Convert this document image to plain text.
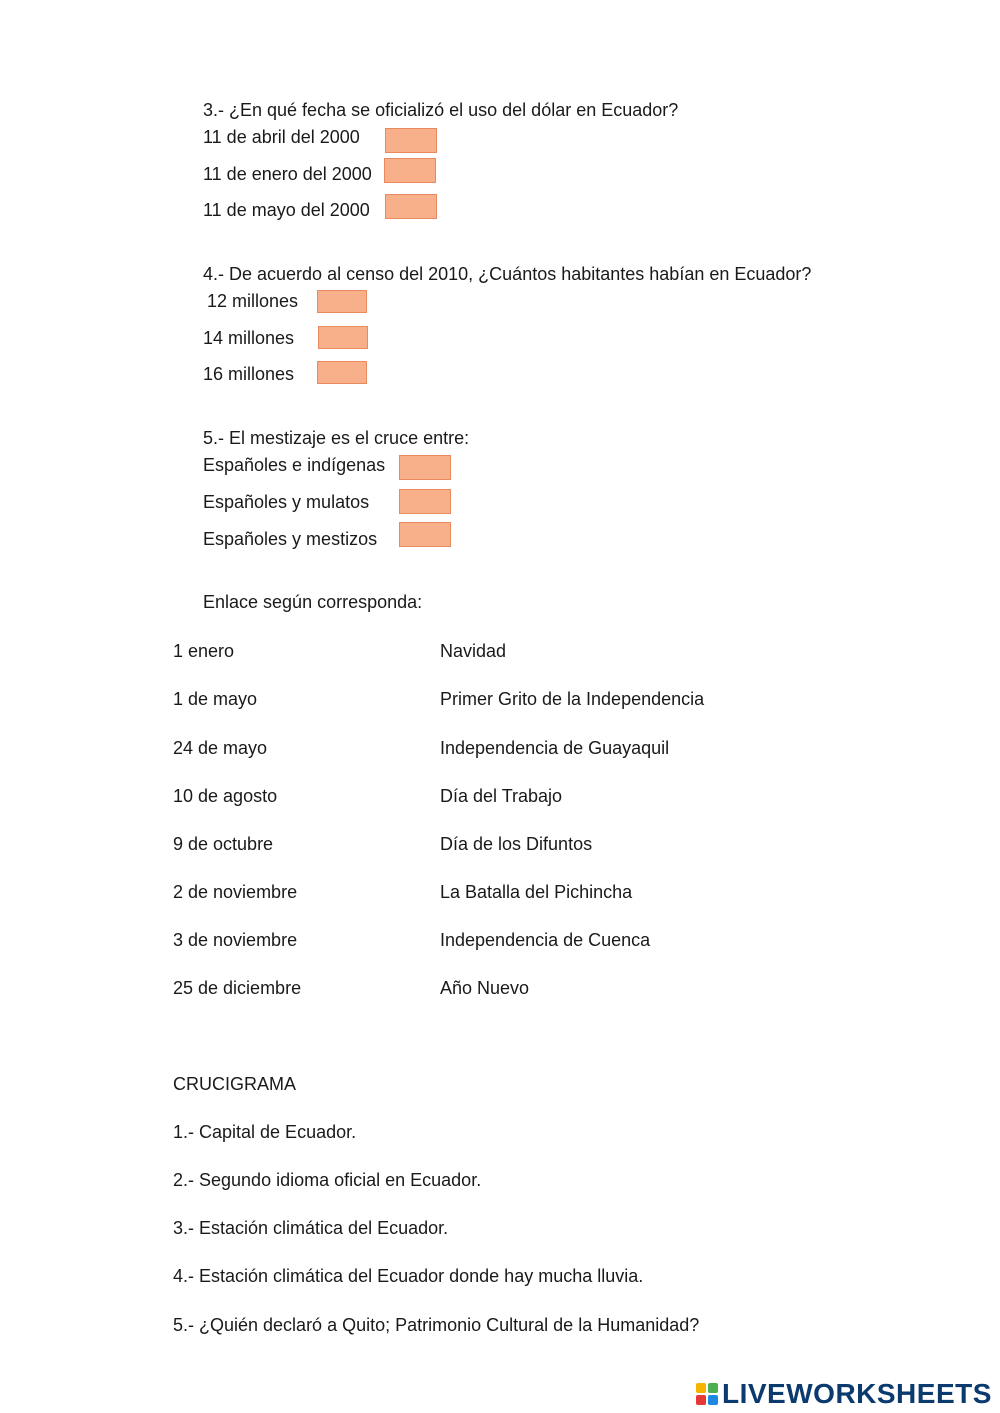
3.- ¿En qué fecha se oficializó el uso del dólar en Ecuador?
11 de abril del 2000
11 de enero del 2000
11 de mayo del 2000
4.- De acuerdo al censo del 2010, ¿Cuántos habitantes habían en Ecuador?
12 millones
14 millones
16 millones
5.- El mestizaje es el cruce entre:
Españoles e indígenas
Españoles y mulatos
Españoles y mestizos
Enlace según corresponda:
1 enero	Navidad
1 de mayo	Primer Grito de la Independencia
24 de mayo	Independencia de Guayaquil
10 de agosto	Día del Trabajo
9 de octubre	Día de los Difuntos
2 de noviembre	La Batalla del Pichincha
3 de noviembre	Independencia de Cuenca
25 de diciembre	Año Nuevo
CRUCIGRAMA
1.- Capital de Ecuador.
2.- Segundo idioma oficial en Ecuador.
3.- Estación climática del Ecuador.
4.- Estación climática del Ecuador donde hay mucha lluvia.
5.- ¿Quién declaró a Quito; Patrimonio Cultural de la Humanidad?
LIVEWORKSHEETS
